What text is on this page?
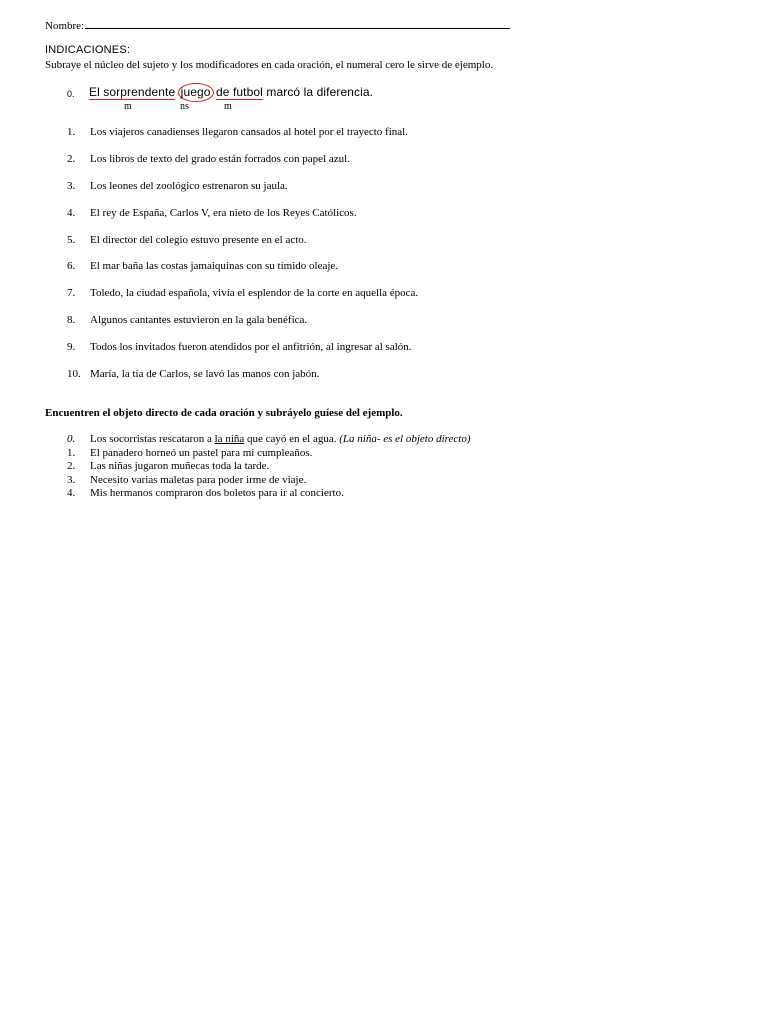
Nombre:
INDICACIONES:
Subraye el núcleo del sujeto y los modificadores en cada oración, el numeral cero le sirve de ejemplo.
0. El sorprendente juego de futbol marcó la diferencia.
m	ns	m
1.	Los viajeros canadienses llegaron cansados al hotel por el trayecto final.
2.	Los libros de texto del grado están forrados con papel azul.
3.	Los leones del zoológico estrenaron su jaula.
4.	El rey de España, Carlos V, era nieto de los Reyes Católicos.
5.	El director del colegio estuvo presente en el acto.
6.	El mar baña las costas jamaiquinas con su tímido oleaje.
7.	Toledo, la ciudad española, vivía el esplendor de la corte en aquella época.
8.	Algunos cantantes estuvieron en la gala benéfica.
9.	Todos los invitados fueron atendidos por el anfitrión, al ingresar al salón.
10. María, la tía de Carlos, se lavó las manos con jabón.
Encuentren el objeto directo de cada oración y subráyelo guíese del ejemplo.
0.	Los socorristas rescataron a la niña que cayó en el agua. (La niña- es el objeto directo)
1.	El panadero horneó un pastel para mi cumpleaños.
2.	Las niñas jugaron muñecas toda la tarde.
3.	Necesito varias maletas para poder irme de viaje.
4.	Mis hermanos compraron dos boletos para ir al concierto.
